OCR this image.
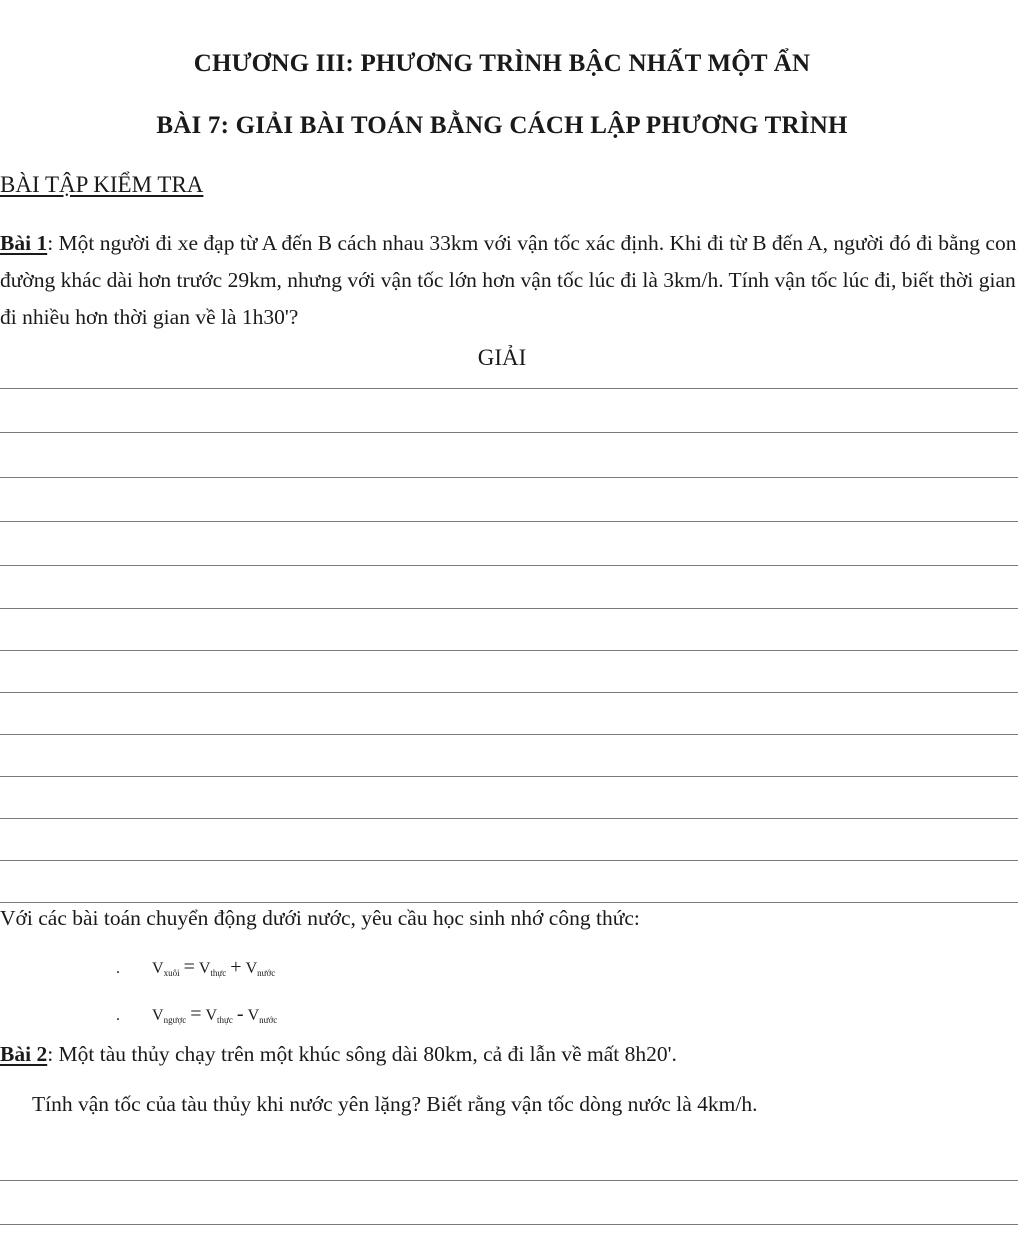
CHƯƠNG III: PHƯƠNG TRÌNH BẬC NHẤT MỘT ẨN
BÀI 7: GIẢI BÀI TOÁN BẰNG CÁCH LẬP PHƯƠNG TRÌNH
BÀI TẬP KIỂM TRA
Bài 1: Một người đi xe đạp từ A đến B cách nhau 33km với vận tốc xác định. Khi đi từ B đến A, người đó đi bằng con đường khác dài hơn trước 29km, nhưng với vận tốc lớn hơn vận tốc lúc đi là 3km/h. Tính vận tốc lúc đi, biết thời gian đi nhiều hơn thời gian về là 1h30'?
GIẢI
Với các bài toán chuyển động dưới nước, yêu cầu học sinh nhớ công thức:
. $V_{xuôi} = V_{thực} + V_{nước}$
. $V_{ngược} = V_{thực} - V_{nước}$
Bài 2: Một tàu thủy chạy trên một khúc sông dài 80km, cả đi lẫn về mất 8h20'.
Tính vận tốc của tàu thủy khi nước yên lặng? Biết rằng vận tốc dòng nước là 4km/h.
